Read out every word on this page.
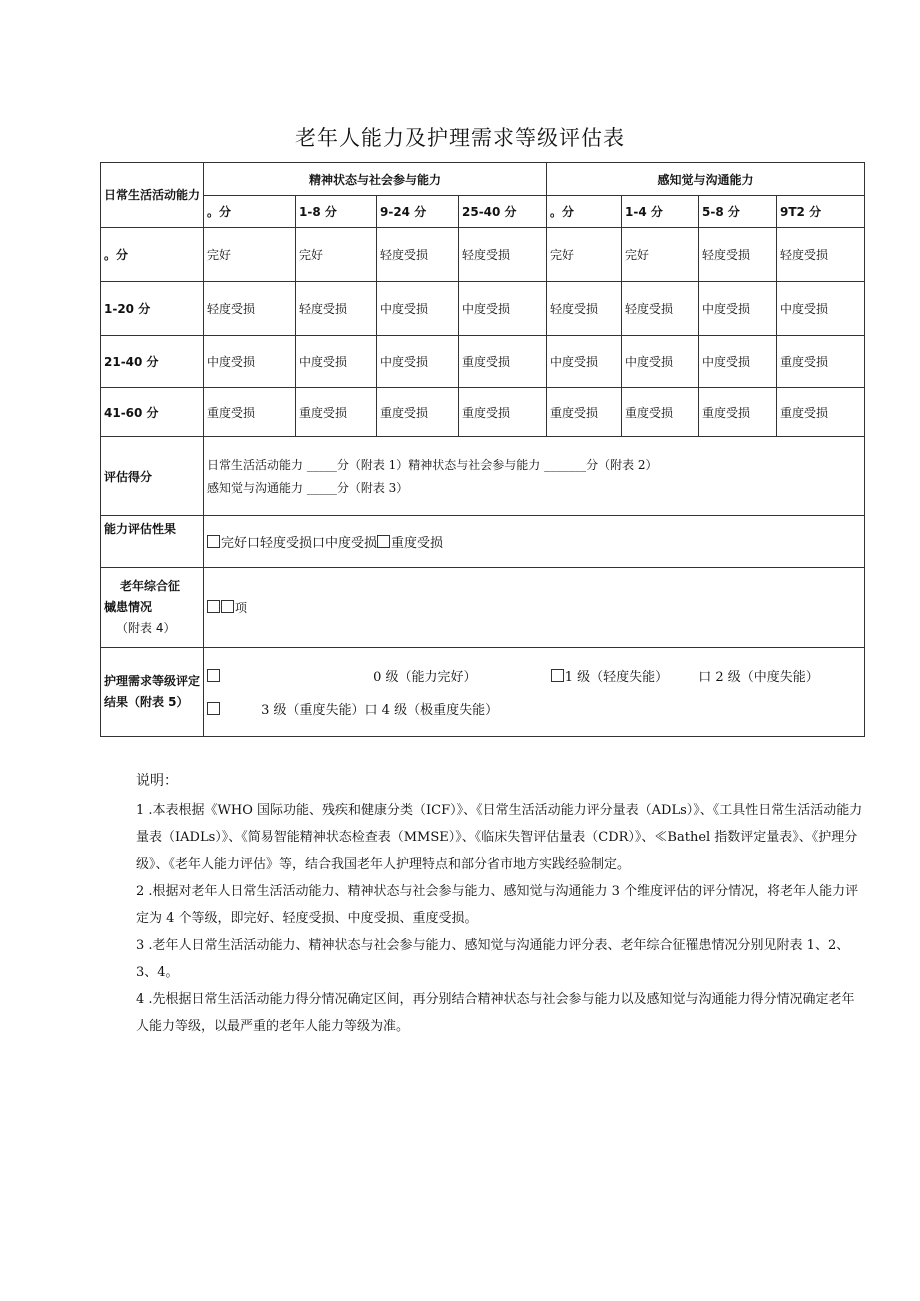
老年人能力及护理需求等级评估表
日常生活活动能力	精神状态与社会参与能力				感知觉与沟通能力			
	。分	1-8 分	9-24 分	25-40 分	。分	1-4 分	5-8 分	9T2 分
。分	完好	完好	轻度受损	轻度受损	完好	完好	轻度受损	轻度受损
1-20 分	轻度受损	轻度受损	中度受损	中度受损	轻度受损	轻度受损	中度受损	中度受损
21-40 分	中度受损	中度受损	中度受损	重度受损	中度受损	中度受损	中度受损	重度受损
41-60 分	重度受损	重度受损	重度受损	重度受损	重度受损	重度受损	重度受损	重度受损
评估得分	日常生活活动能力 _____分（附表 1）精神状态与社会参与能力 _______分（附表 2）
感知觉与沟通能力 _____分（附表 3）							

能力评估性果	完好口轻度受损口中度受损 重度受损							

老年综合征
槭患情况
（附表 4）	项							
护理需求等级评定结果（附表 5）	0 级（能力完好） 1 级（轻度失能） 口 2 级（中度失能）
3 级（重度失能）口 4 级（极重度失能）							
说明：

1 .本表根据《WHO 国际功能、残疾和健康分类（ICF）》、《日常生活活动能力评分量表（ADLs）》、《工具性日常生活活动能力量表（IADLs）》、《简易智能精神状态检查表（MMSE）》、《临床失智评估量表（CDR）》、≪Bathel 指数评定量表》、《护理分级》、《老年人能力评估》等，结合我国老年人护理特点和部分省市地方实践经验制定。

2 .根据对老年人日常生活活动能力、精神状态与社会参与能力、感知觉与沟通能力 3 个维度评估的评分情况，将老年人能力评定为 4 个等级，即完好、轻度受损、中度受损、重度受损。

3 .老年人日常生活活动能力、精神状态与社会参与能力、感知觉与沟通能力评分表、老年综合征罹患情况分别见附表 1、2、3、4。

4 .先根据日常生活活动能力得分情况确定区间，再分别结合精神状态与社会参与能力以及感知觉与沟通能力得分情况确定老年人能力等级，以最严重的老年人能力等级为准。
